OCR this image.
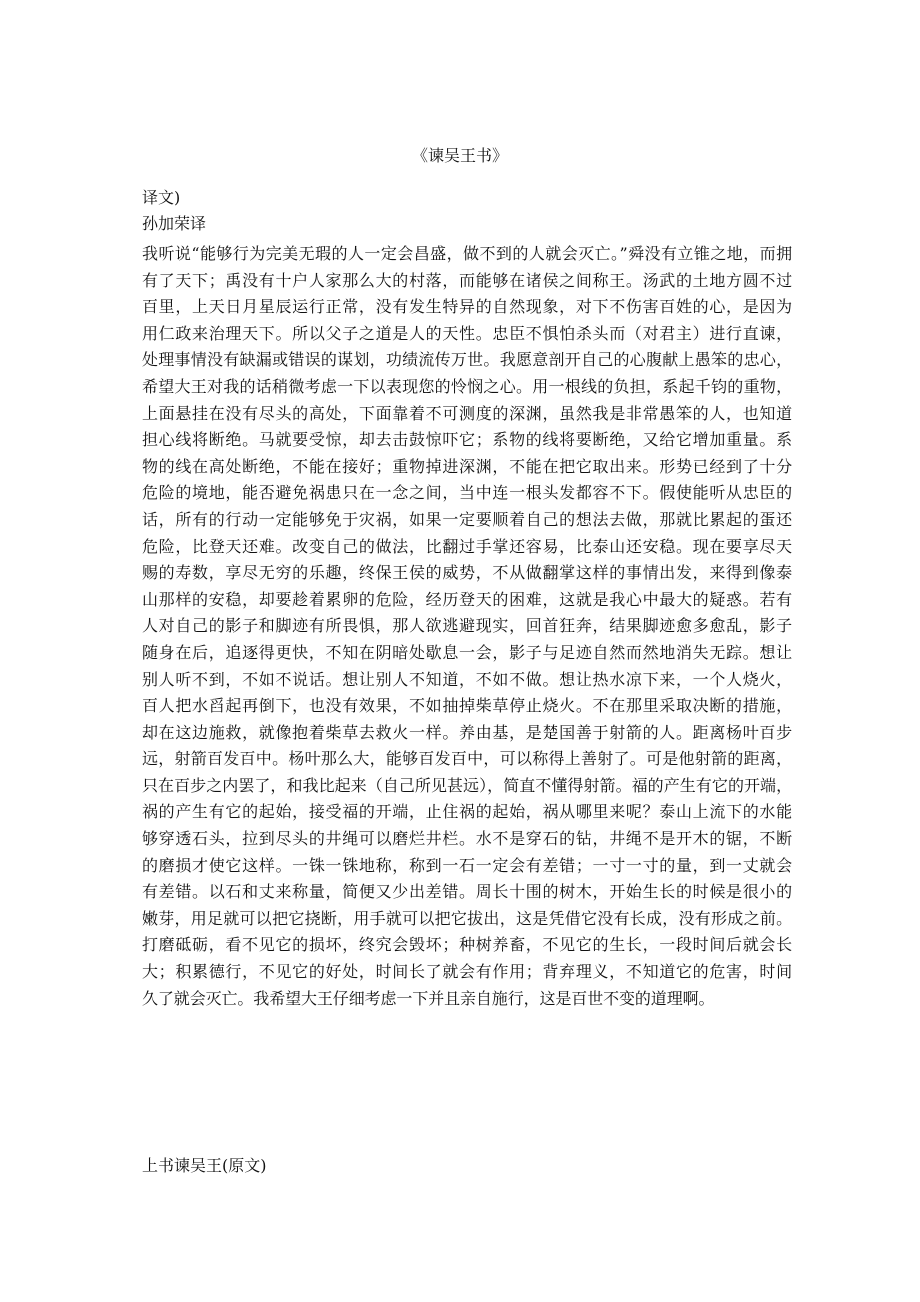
《谏吴王书》
译文)
孙加荣译
我听说“能够行为完美无瑕的人一定会昌盛，做不到的人就会灭亡。”舜没有立锥之地，而拥
有了天下；禹没有十户人家那么大的村落，而能够在诸侯之间称王。汤武的土地方圆不过
百里，上天日月星辰运行正常，没有发生特异的自然现象，对下不伤害百姓的心，是因为
用仁政来治理天下。所以父子之道是人的天性。忠臣不惧怕杀头而（对君主）进行直谏，
处理事情没有缺漏或错误的谋划，功绩流传万世。我愿意剖开自己的心腹献上愚笨的忠心，
希望大王对我的话稍微考虑一下以表现您的怜悯之心。用一根线的负担，系起千钧的重物，
上面悬挂在没有尽头的高处，下面靠着不可测度的深渊，虽然我是非常愚笨的人，也知道
担心线将断绝。马就要受惊，却去击鼓惊吓它；系物的线将要断绝，又给它增加重量。系
物的线在高处断绝，不能在接好；重物掉进深渊，不能在把它取出来。形势已经到了十分
危险的境地，能否避免祸患只在一念之间，当中连一根头发都容不下。假使能听从忠臣的
话，所有的行动一定能够免于灾祸，如果一定要顺着自己的想法去做，那就比累起的蛋还
危险，比登天还难。改变自己的做法，比翻过手掌还容易，比泰山还安稳。现在要享尽天
赐的寿数，享尽无穷的乐趣，终保王侯的威势，不从做翻掌这样的事情出发，来得到像泰
山那样的安稳，却要趁着累卵的危险，经历登天的困难，这就是我心中最大的疑惑。若有
人对自己的影子和脚迹有所畏惧，那人欲逃避现实，回首狂奔，结果脚迹愈多愈乱，影子
随身在后，追逐得更快，不知在阴暗处歇息一会，影子与足迹自然而然地消失无踪。想让
别人听不到，不如不说话。想让别人不知道，不如不做。想让热水凉下来，一个人烧火，
百人把水舀起再倒下，也没有效果，不如抽掉柴草停止烧火。不在那里采取决断的措施，
却在这边施救，就像抱着柴草去救火一样。养由基，是楚国善于射箭的人。距离杨叶百步
远，射箭百发百中。杨叶那么大，能够百发百中，可以称得上善射了。可是他射箭的距离，
只在百步之内罢了，和我比起来（自己所见甚远），简直不懂得射箭。福的产生有它的开端，
祸的产生有它的起始，接受福的开端，止住祸的起始，祸从哪里来呢？泰山上流下的水能
够穿透石头，拉到尽头的井绳可以磨烂井栏。水不是穿石的钻，井绳不是开木的锯，不断
的磨损才使它这样。一铢一铢地称，称到一石一定会有差错；一寸一寸的量，到一丈就会
有差错。以石和丈来称量，简便又少出差错。周长十围的树木，开始生长的时候是很小的
嫩芽，用足就可以把它挠断，用手就可以把它拔出，这是凭借它没有长成，没有形成之前。
打磨砥砺，看不见它的损坏，终究会毁坏；种树养畜，不见它的生长，一段时间后就会长
大；积累德行，不见它的好处，时间长了就会有作用；背弃理义，不知道它的危害，时间
久了就会灭亡。我希望大王仔细考虑一下并且亲自施行，这是百世不变的道理啊。
上书谏吴王(原文)
